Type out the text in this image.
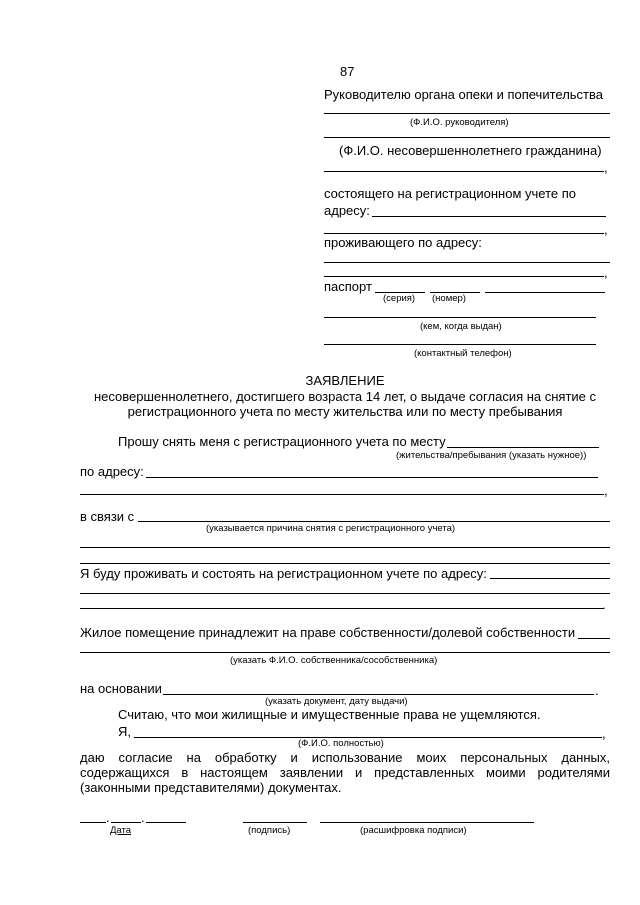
87
Руководителю органа опеки и попечительства
(Ф.И.О. руководителя)
(Ф.И.О. несовершеннолетнего гражданина)
,
состоящего на регистрационном учете по
адресу:
,
проживающего по адресу:
,
паспорт
(серия) (номер)
(кем, когда выдан)
(контактный телефон)
ЗАЯВЛЕНИЕ
несовершеннолетнего, достигшего возраста 14 лет, о выдаче согласия на снятие с
регистрационного учета по месту жительства или по месту пребывания
Прошу снять меня с регистрационного учета по месту
(жительства/пребывания (указать нужное))
по адресу:
,
в связи с
(указывается причина снятия с регистрационного учета)
Я буду проживать и состоять на регистрационном учете по адресу:
.
Жилое помещение принадлежит на праве собственности/долевой собственности
(указать Ф.И.О. собственника/сособственника)
на основании	.
(указать документ, дату выдачи)
Считаю, что мои жилищные и имущественные права не ущемляются.
Я,	,
(Ф.И.О. полностью)
даю согласие на обработку и использование моих персональных данных,
содержащихся в настоящем заявлении и представленных моими родителями
(законными представителями) документах.
. .
Дата	(подпись)	(расшифровка подписи)
